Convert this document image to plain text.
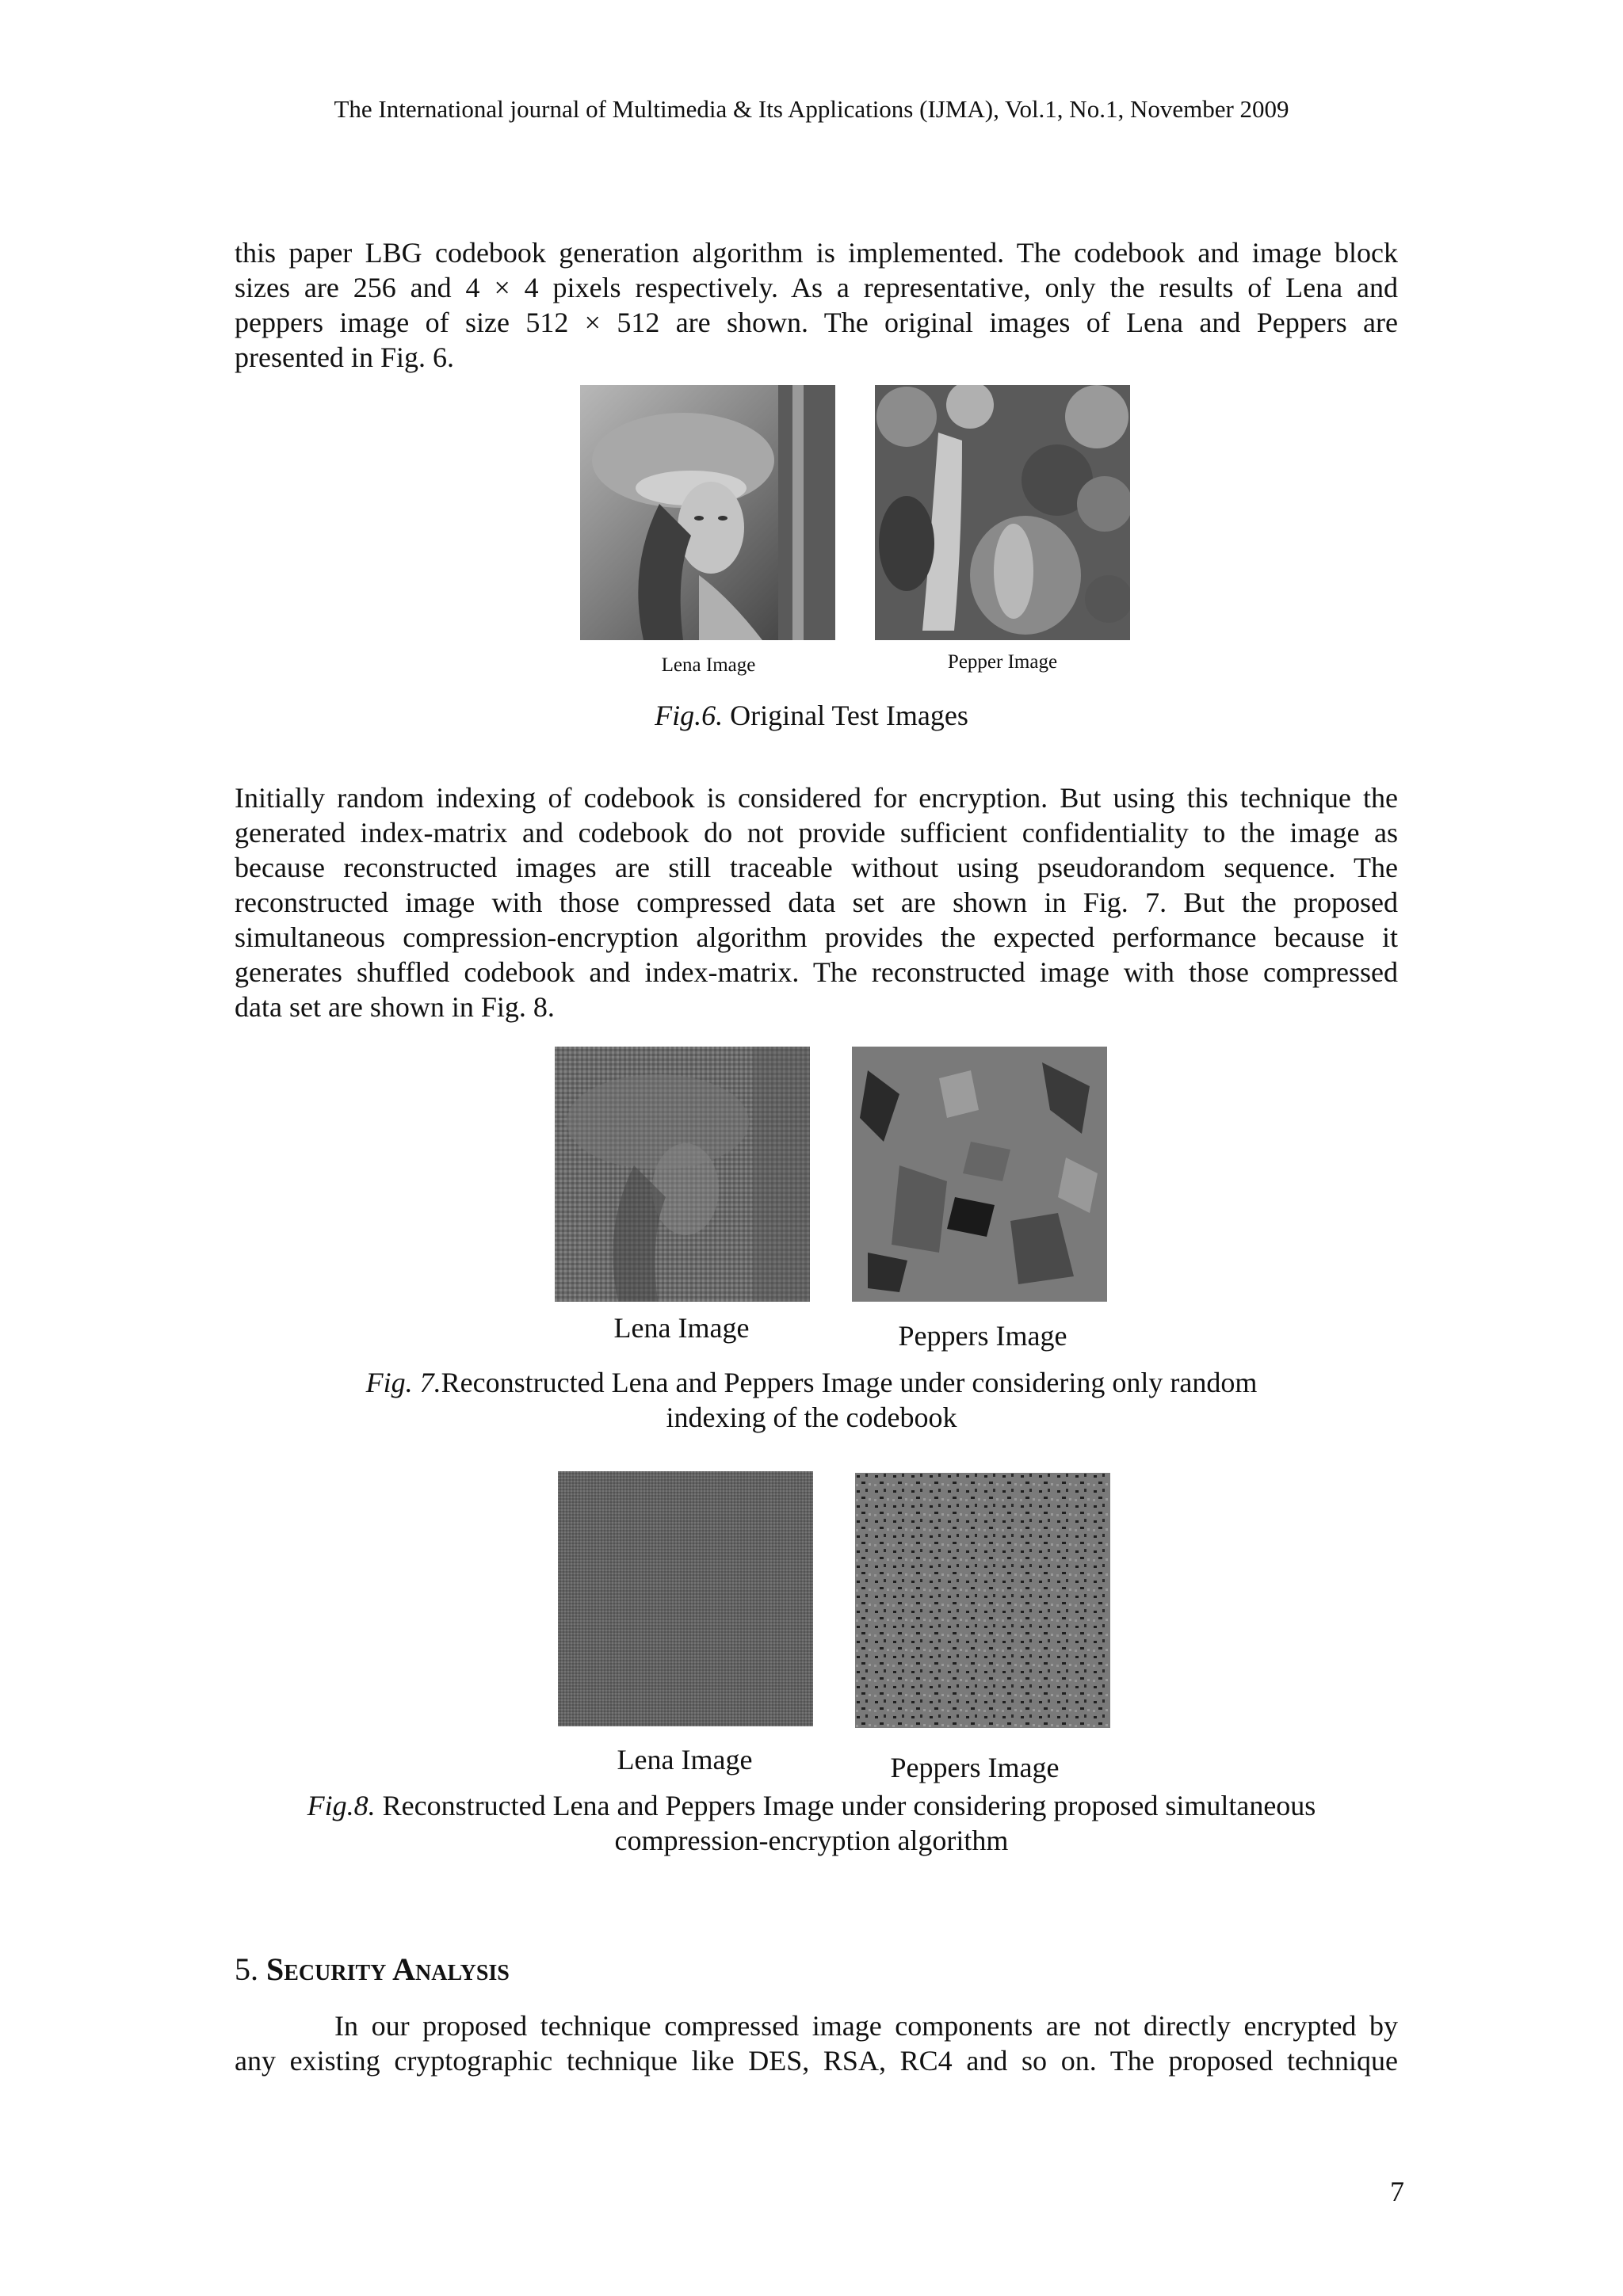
The International journal of Multimedia & Its Applications (IJMA), Vol.1, No.1, November 2009
this paper LBG codebook generation algorithm is implemented. The codebook and image block
sizes are 256 and 4 × 4 pixels respectively. As a representative, only the results of Lena and
peppers image of size 512 × 512 are shown. The original images of Lena and Peppers are
presented in Fig. 6.
Lena Image	Pepper Image
Fig.6. Original Test Images
Initially random indexing of codebook is considered for encryption. But using this technique the
generated index-matrix and codebook do not provide sufficient confidentiality to the image as
because reconstructed images are still traceable without using pseudorandom sequence. The
reconstructed image with those compressed data set are shown in Fig. 7. But the proposed
simultaneous compression-encryption algorithm provides the expected performance because it
generates shuffled codebook and index-matrix. The reconstructed image with those compressed
data set are shown in Fig. 8.
Lena Image	Peppers Image
Fig. 7.Reconstructed Lena and Peppers Image under considering only random
indexing of the codebook
Lena Image	Peppers Image
Fig.8. Reconstructed Lena and Peppers Image under considering proposed simultaneous
compression-encryption algorithm
5. Security Analysis
In our proposed technique compressed image components are not directly encrypted by
any existing cryptographic technique like DES, RSA, RC4 and so on. The proposed technique
7
